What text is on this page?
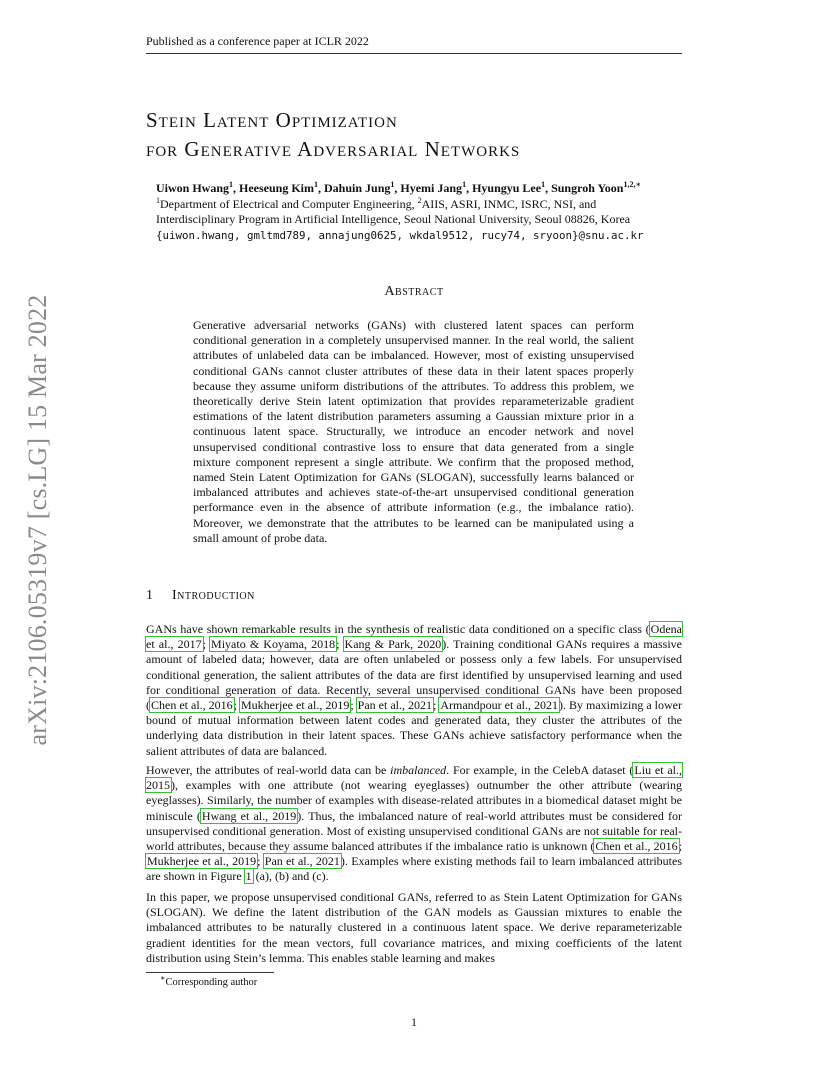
arXiv:2106.05319v7 [cs.LG] 15 Mar 2022
Published as a conference paper at ICLR 2022
Stein Latent Optimization
for Generative Adversarial Networks
Uiwon Hwang$^1$, Heeseung Kim$^1$, Dahuin Jung$^1$, Hyemi Jang$^1$, Hyungyu Lee$^1$, Sungroh Yoon$^{1,2,∗}$
$^1$Department of Electrical and Computer Engineering, $^2$AIIS, ASRI, INMC, ISRC, NSI, and
Interdisciplinary Program in Artificial Intelligence, Seoul National University, Seoul 08826, Korea
{uiwon.hwang, gmltmd789, annajung0625, wkdal9512, rucy74, sryoon}@snu.ac.kr
Abstract
Generative adversarial networks (GANs) with clustered latent spaces can perform conditional generation in a completely unsupervised manner. In the real world, the salient attributes of unlabeled data can be imbalanced. However, most of existing unsupervised conditional GANs cannot cluster attributes of these data in their latent spaces properly because they assume uniform distributions of the attributes. To address this problem, we theoretically derive Stein latent optimization that provides reparameterizable gradient estimations of the latent distribution parameters assuming a Gaussian mixture prior in a continuous latent space. Structurally, we introduce an encoder network and novel unsupervised conditional contrastive loss to ensure that data generated from a single mixture component represent a single attribute. We confirm that the proposed method, named Stein Latent Optimization for GANs (SLOGAN), successfully learns balanced or imbalanced attributes and achieves state-of-the-art unsupervised conditional generation performance even in the absence of attribute information (e.g., the imbalance ratio). Moreover, we demonstrate that the attributes to be learned can be manipulated using a small amount of probe data.
1 Introduction

GANs have shown remarkable results in the synthesis of realistic data conditioned on a specific class (Odena et al., 2017; Miyato & Koyama, 2018; Kang & Park, 2020). Training conditional GANs requires a massive amount of labeled data; however, data are often unlabeled or possess only a few labels. For unsupervised conditional generation, the salient attributes of the data are first identified by unsupervised learning and used for conditional generation of data. Recently, several unsupervised conditional GANs have been proposed (Chen et al., 2016; Mukherjee et al., 2019; Pan et al., 2021; Armandpour et al., 2021). By maximizing a lower bound of mutual information between latent codes and generated data, they cluster the attributes of the underlying data distribution in their latent spaces. These GANs achieve satisfactory performance when the salient attributes of data are balanced.

However, the attributes of real-world data can be imbalanced. For example, in the CelebA dataset (Liu et al., 2015), examples with one attribute (not wearing eyeglasses) outnumber the other attribute (wearing eyeglasses). Similarly, the number of examples with disease-related attributes in a biomedical dataset might be miniscule (Hwang et al., 2019). Thus, the imbalanced nature of real-world attributes must be considered for unsupervised conditional generation. Most of existing unsupervised conditional GANs are not suitable for real-world attributes, because they assume balanced attributes if the imbalance ratio is unknown (Chen et al., 2016; Mukherjee et al., 2019; Pan et al., 2021). Examples where existing methods fail to learn imbalanced attributes are shown in Figure 1 (a), (b) and (c).

In this paper, we propose unsupervised conditional GANs, referred to as Stein Latent Optimization for GANs (SLOGAN). We define the latent distribution of the GAN models as Gaussian mixtures to enable the imbalanced attributes to be naturally clustered in a continuous latent space. We derive reparameterizable gradient identities for the mean vectors, full covariance matrices, and mixing coefficients of the latent distribution using Stein’s lemma. This enables stable learning and makes

∗Corresponding author
1
